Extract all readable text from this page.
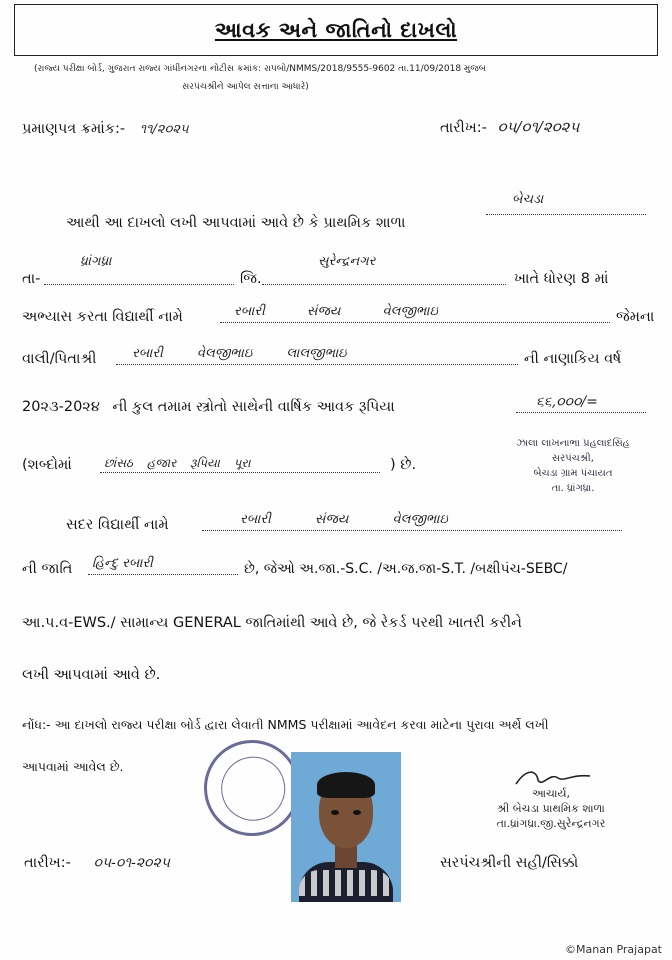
આવક અને જાતિનો દાખલો
(રાજ્ય પરીક્ષા બોર્ડ, ગુજરાત રાજ્ય ગાંધીનગરના નોટીસ ક્રમાંક: રાપબો/NMMS/2018/9555-9602 તા.11/09/2018 મુજબ
સરપંચશ્રીને આપેલ સત્તાના આધારે)
પ્રમાણપત્ર ક્રમાંક:- ૧૧/૨૦૨૫	તારીખ:- ૦૫/૦૧/૨૦૨૫
આથી આ દાખલો લખી આપવામાં આવે છે કે પ્રાથમિક શાળા
બેચડા
તા-
ધ્રાંગધ્રા
જિ.
સુરેન્દ્રનગર
ખાતે ધોરણ 8 માં
અભ્યાસ કરતા વિદ્યાર્થી નામે	રબારી સંજય વેલજીભાઇ	જેમના
વાલી/પિતાશ્રી	રબારી વેલજીભાઇ લાલજીભાઇ	ની નાણાકિય વર્ષ
20૨૩-20૨૪ ની કુલ તમામ સ્ત્રોતો સાથેની વાર્ષિક આવક રૂપિયા	૬૬,૦૦૦/=
(શબ્દોમાં	છાંસઠ હજાર રૂપિયા પૂરા	) છે.
ઝાલા લાખનાભા પ્રહલાદસિંહ
સરપંચશ્રી,
બેચડા ગ્રામ પંચાયત
તા. ધ્રાંગધ્રા.
સદર વિદ્યાર્થી નામે	રબારી સંજય વેલજીભાઇ
ની જાતિ હિન્દુ રબારી	છે, જેઓ અ.જા.-S.C. /અ.જ.જા-S.T. /બક્ષીપંચ-SEBC/
આ.પ.વ-EWS./ સામાન્ય GENERAL જાતિમાંથી આવે છે, જે રેકર્ડ પરથી ખાતરી કરીને
લખી આપવામાં આવે છે.
નોંધ:- આ દાખલો રાજ્ય પરીક્ષા બોર્ડ દ્વારા લેવાતી NMMS પરીક્ષામાં આવેદન કરવા માટેના પુરાવા અર્થે લખી
આપવામાં આવેલ છે.
આચાર્ય,
શ્રી બેચડા પ્રાથમિક શાળા
તા.ધ્રાંગધ્રા.જી.સુરેન્દ્રનગર
તારીખ:- ૦૫-૦૧-૨૦૨૫	સરપંચશ્રીની સહી/સિક્કો
©Manan Prajapat
